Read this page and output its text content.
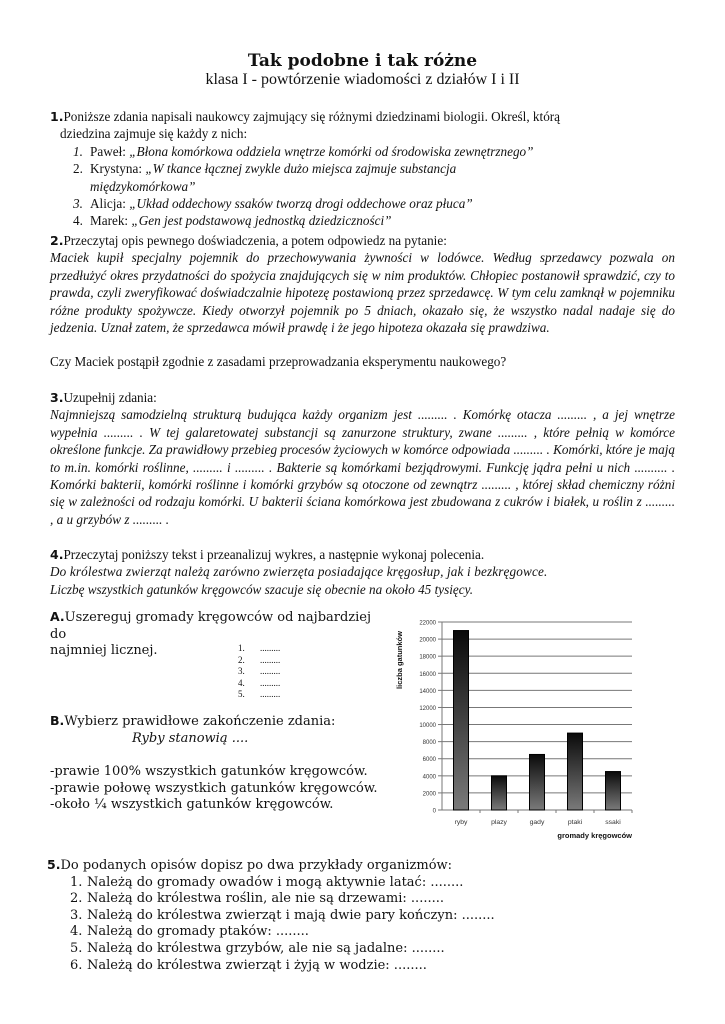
Tak podobne i tak różne
klasa I - powtórzenie wiadomości z działów I i II
1.Poniższe zdania napisali naukowcy zajmujący się różnymi dziedzinami biologii. Określ, którą
dziedzina zajmuje się każdy z nich:
1. Paweł: „Błona komórkowa oddziela wnętrze komórki od środowiska zewnętrznego”
2. Krystyna: „W tkance łącznej zwykle dużo miejsca zajmuje substancja
międzykomórkowa”
3. Alicja: „Układ oddechowy ssaków tworzą drogi oddechowe oraz płuca”
4. Marek: „Gen jest podstawową jednostką dziedziczności”
2.Przeczytaj opis pewnego doświadczenia, a potem odpowiedz na pytanie:
Maciek kupił specjalny pojemnik do przechowywania żywności w lodówce. Według sprzedawcy pozwala on przedłużyć okres przydatności do spożycia znajdujących się w nim produktów. Chłopiec postanowił sprawdzić, czy to prawda, czyli zweryfikować doświadczalnie hipotezę postawioną przez sprzedawcę. W tym celu zamknął w pojemniku różne produkty spożywcze. Kiedy otworzył pojemnik po 5 dniach, okazało się, że wszystko nadal nadaje się do jedzenia. Uznał zatem, że sprzedawca mówił prawdę i że jego hipoteza okazała się prawdziwa.
Czy Maciek postąpił zgodnie z zasadami przeprowadzania eksperymentu naukowego?
3.Uzupełnij zdania:
Najmniejszą samodzielną strukturą budująca każdy organizm jest ......... . Komórkę otacza ......... , a jej wnętrze wypełnia ......... . W tej galaretowatej substancji są zanurzone struktury, zwane ......... , które pełnią w komórce określone funkcje. Za prawidłowy przebieg procesów życiowych w komórce odpowiada ......... . Komórki, które je mają to m.in. komórki roślinne, ......... i ......... . Bakterie są komórkami bezjądrowymi. Funkcję jądra pełni u nich .......... . Komórki bakterii, komórki roślinne i komórki grzybów są otoczone od zewnątrz ......... , której skład chemiczny różni się w zależności od rodzaju komórki. U bakterii ściana komórkowa jest zbudowana z cukrów i białek, u roślin z ......... , a u grzybów z ......... .
4.Przeczytaj poniższy tekst i przeanalizuj wykres, a następnie wykonaj polecenia.
Do królestwa zwierząt należą zarówno zwierzęta posiadające kręgosłup, jak i bezkręgowce.
Liczbę wszystkich gatunków kręgowców szacuje się obecnie na około 45 tysięcy.
A.Uszereguj gromady kręgowców od najbardziej do
najmniej licznej.	1. .........
2. .........
3. .........
4. .........
5. .........
B.Wybierz prawidłowe zakończenie zdania:
Ryby stanowią ....
-prawie 100% wszystkich gatunków kręgowców.
-prawie połowę wszystkich gatunków kręgowców.
-około ¼ wszystkich gatunków kręgowców.	0
2000
4000
6000
8000
10000
12000
14000
16000
18000
20000
22000
ryby	plazy	gady	ptaki	ssaki
liczba gatunków
gromady kręgowców
5.Do podanych opisów dopisz po dwa przykłady organizmów:
1. Należą do gromady owadów i mogą aktywnie latać: ........
2. Należą do królestwa roślin, ale nie są drzewami: ........
3. Należą do królestwa zwierząt i mają dwie pary kończyn: ........
4. Należą do gromady ptaków: ........
5. Należą do królestwa grzybów, ale nie są jadalne: ........
6. Należą do królestwa zwierząt i żyją w wodzie: ........
